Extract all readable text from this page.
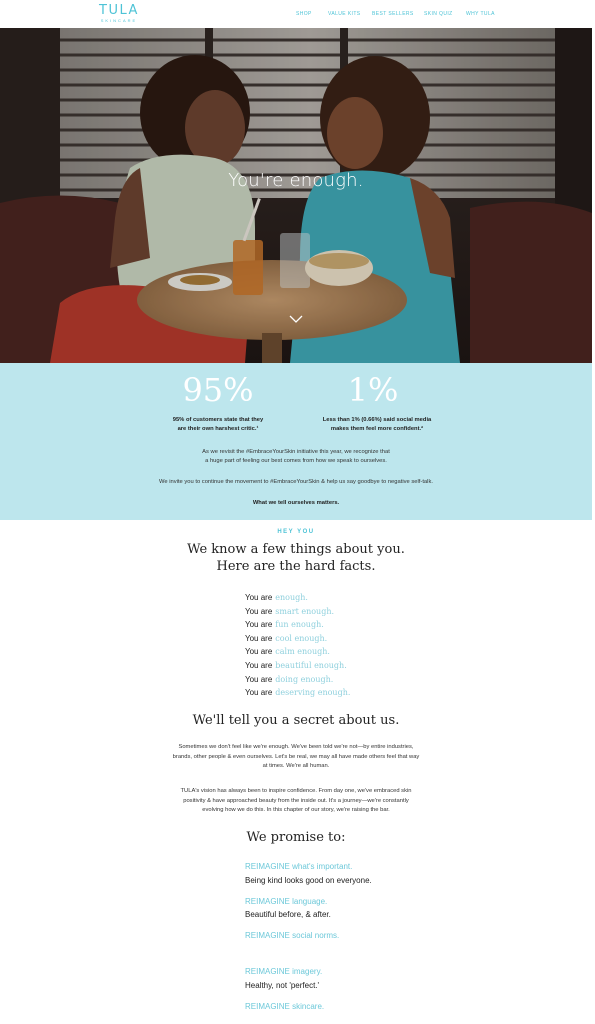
TULA
SKINCARE
SHOP	VALUE KITS BEST SELLERS SKIN QUIZ	WHY TULA
You're enough.
95%
95% of customers state that they
are their own harshest critic.¹
1%
Less than 1% (0.66%) said social media
makes them feel more confident.²
As we revisit the #EmbraceYourSkin initiative this year, we recognize that
a huge part of feeling our best comes from how we speak to ourselves.
We invite you to continue the movement to #EmbraceYourSkin & help us say goodbye to negative self-talk.
What we tell ourselves matters.
HEY YOU
We know a few things about you.
Here are the hard facts.
You are enough.
You are smart enough.
You are fun enough.
You are cool enough.
You are calm enough.
You are beautiful enough.
You are doing enough.
You are deserving enough.
We'll tell you a secret about us.
Sometimes we don't feel like we're enough. We've been told we're not—by entire industries,
brands, other people & even ourselves. Let's be real, we may all have made others feel that way
at times. We're all human.
TULA's vision has always been to inspire confidence. From day one, we've embraced skin
positivity & have approached beauty from the inside out. It's a journey—we're constantly
evolving how we do this. In this chapter of our story, we're raising the bar.
We promise to:
REIMAGINE what's important.
Being kind looks good on everyone.
REIMAGINE language.
Beautiful before, & after.
REIMAGINE social norms.
REIMAGINE imagery.
Healthy, not 'perfect.'
REIMAGINE skincare.
